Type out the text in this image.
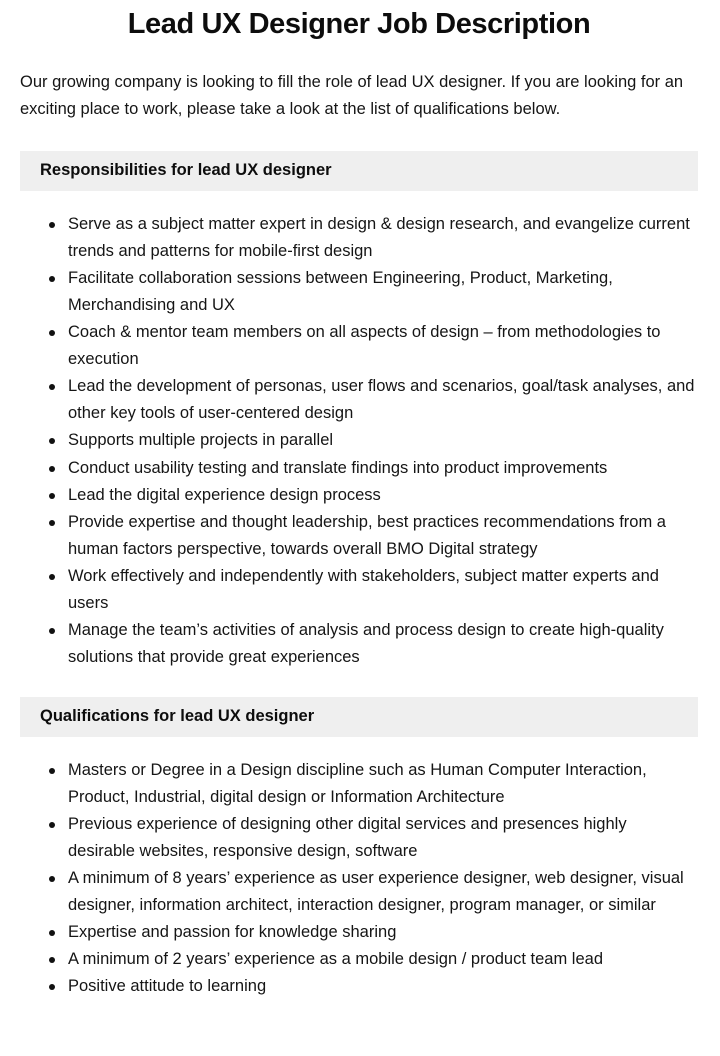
Lead UX Designer Job Description

Our growing company is looking to fill the role of lead UX designer. If you are looking for an exciting place to work, please take a look at the list of qualifications below.

Responsibilities for lead UX designer
Serve as a subject matter expert in design & design research, and evangelize current trends and patterns for mobile-first design
Facilitate collaboration sessions between Engineering, Product, Marketing, Merchandising and UX
Coach & mentor team members on all aspects of design – from methodologies to execution
Lead the development of personas, user flows and scenarios, goal/task analyses, and other key tools of user-centered design
Supports multiple projects in parallel
Conduct usability testing and translate findings into product improvements
Lead the digital experience design process
Provide expertise and thought leadership, best practices recommendations from a human factors perspective, towards overall BMO Digital strategy
Work effectively and independently with stakeholders, subject matter experts and users
Manage the team’s activities of analysis and process design to create high-quality solutions that provide great experiences
Qualifications for lead UX designer
Masters or Degree in a Design discipline such as Human Computer Interaction, Product, Industrial, digital design or Information Architecture
Previous experience of designing other digital services and presences highly desirable websites, responsive design, software
A minimum of 8 years’ experience as user experience designer, web designer, visual designer, information architect, interaction designer, program manager, or similar
Expertise and passion for knowledge sharing
A minimum of 2 years’ experience as a mobile design / product team lead
Positive attitude to learning
